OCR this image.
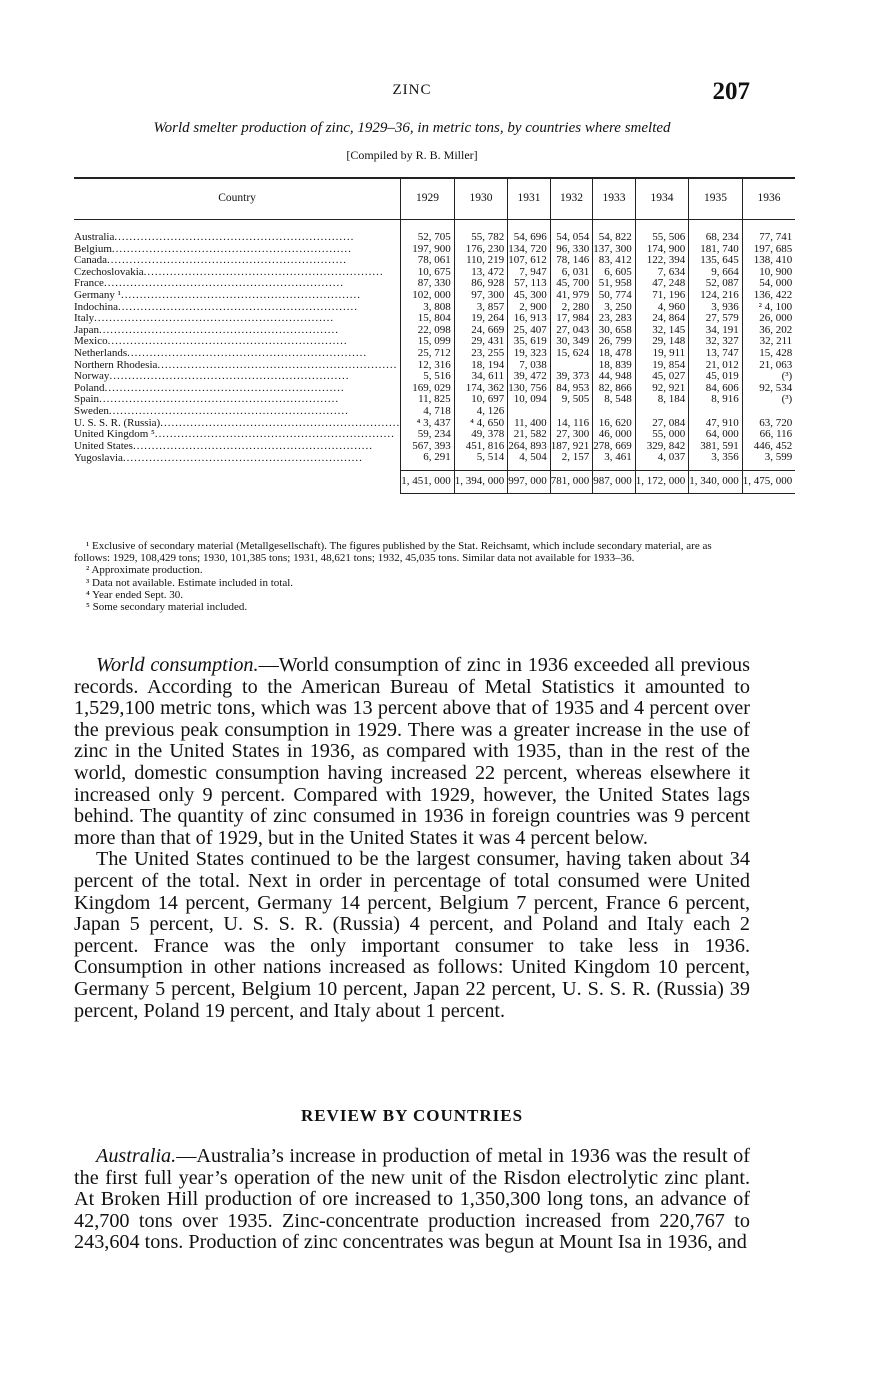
ZINC	207
World smelter production of zinc, 1929–36, in metric tons, by countries where smelted
[Compiled by R. B. Miller]
Country	1929	1930	1931	1932	1933	1934	1935	1936

Australia .....	52, 705	55, 782	54, 696	54, 054	54, 822	55, 506	68, 234	77, 741
Belgium .....	197, 900	176, 230	134, 720	96, 330	137, 300	174, 900	181, 740	197, 685
Canada .....	78, 061	110, 219	107, 612	78, 146	83, 412	122, 394	135, 645	138, 410
Czechoslovakia .....	10, 675	13, 472	7, 947	6, 031	6, 605	7, 634	9, 664	10, 900
France .....	87, 330	86, 928	57, 113	45, 700	51, 958	47, 248	52, 087	54, 000
Germany ¹ .....	102, 000	97, 300	45, 300	41, 979	50, 774	71, 196	124, 216	136, 422
Indochina .....	3, 808	3, 857	2, 900	2, 280	3, 250	4, 960	3, 936	² 4, 100
Italy .....	15, 804	19, 264	16, 913	17, 984	23, 283	24, 864	27, 579	26, 000
Japan .....	22, 098	24, 669	25, 407	27, 043	30, 658	32, 145	34, 191	36, 202
Mexico .....	15, 099	29, 431	35, 619	30, 349	26, 799	29, 148	32, 327	32, 211
Netherlands .....	25, 712	23, 255	19, 323	15, 624	18, 478	19, 911	13, 747	15, 428
Northern Rhodesia .....	12, 316	18, 194	7, 038		18, 839	19, 854	21, 012	21, 063
Norway .....	5, 516	34, 611	39, 472	39, 373	44, 948	45, 027	45, 019	(³)
Poland .....	169, 029	174, 362	130, 756	84, 953	82, 866	92, 921	84, 606	92, 534
Spain .....	11, 825	10, 697	10, 094	9, 505	8, 548	8, 184	8, 916	(³)
Sweden .....	4, 718	4, 126						
U. S. S. R. (Russia) .....	⁴ 3, 437	⁴ 4, 650	11, 400	14, 116	16, 620	27, 084	47, 910	63, 720
United Kingdom ⁵ .....	59, 234	49, 378	21, 582	27, 300	46, 000	55, 000	64, 000	66, 116
United States .....	567, 393	451, 816	264, 893	187, 921	278, 669	329, 842	381, 591	446, 452
Yugoslavia .....	6, 291	5, 514	4, 504	2, 157	3, 461	4, 037	3, 356	3, 599
	1, 451, 000	1, 394, 000	997, 000	781, 000	987, 000	1, 172, 000	1, 340, 000	1, 475, 000

¹ Exclusive of secondary material (Metallgesellschaft). The figures published by the Stat. Reichsamt, which include secondary material, are as follows: 1929, 108,429 tons; 1930, 101,385 tons; 1931, 48,621 tons; 1932, 45,035 tons. Similar data not available for 1933–36.

² Approximate production.

³ Data not available. Estimate included in total.

⁴ Year ended Sept. 30.

⁵ Some secondary material included.

World consumption.—World consumption of zinc in 1936 exceeded all previous records. According to the American Bureau of Metal Statistics it amounted to 1,529,100 metric tons, which was 13 percent above that of 1935 and 4 percent over the previous peak consumption in 1929. There was a greater increase in the use of zinc in the United States in 1936, as compared with 1935, than in the rest of the world, domestic consumption having increased 22 percent, whereas elsewhere it increased only 9 percent. Compared with 1929, however, the United States lags behind. The quantity of zinc consumed in 1936 in foreign countries was 9 percent more than that of 1929, but in the United States it was 4 percent below.

The United States continued to be the largest consumer, having taken about 34 percent of the total. Next in order in percentage of total consumed were United Kingdom 14 percent, Germany 14 percent, Belgium 7 percent, France 6 percent, Japan 5 percent, U. S. S. R. (Russia) 4 percent, and Poland and Italy each 2 percent. France was the only important consumer to take less in 1936. Consumption in other nations increased as follows: United Kingdom 10 percent, Germany 5 percent, Belgium 10 percent, Japan 22 percent, U. S. S. R. (Russia) 39 percent, Poland 19 percent, and Italy about 1 percent.

REVIEW BY COUNTRIES

Australia.—Australia’s increase in production of metal in 1936 was the result of the first full year’s operation of the new unit of the Risdon electrolytic zinc plant. At Broken Hill production of ore increased to 1,350,300 long tons, an advance of 42,700 tons over 1935. Zinc-concentrate production increased from 220,767 to 243,604 tons. Production of zinc concentrates was begun at Mount Isa in 1936, and
